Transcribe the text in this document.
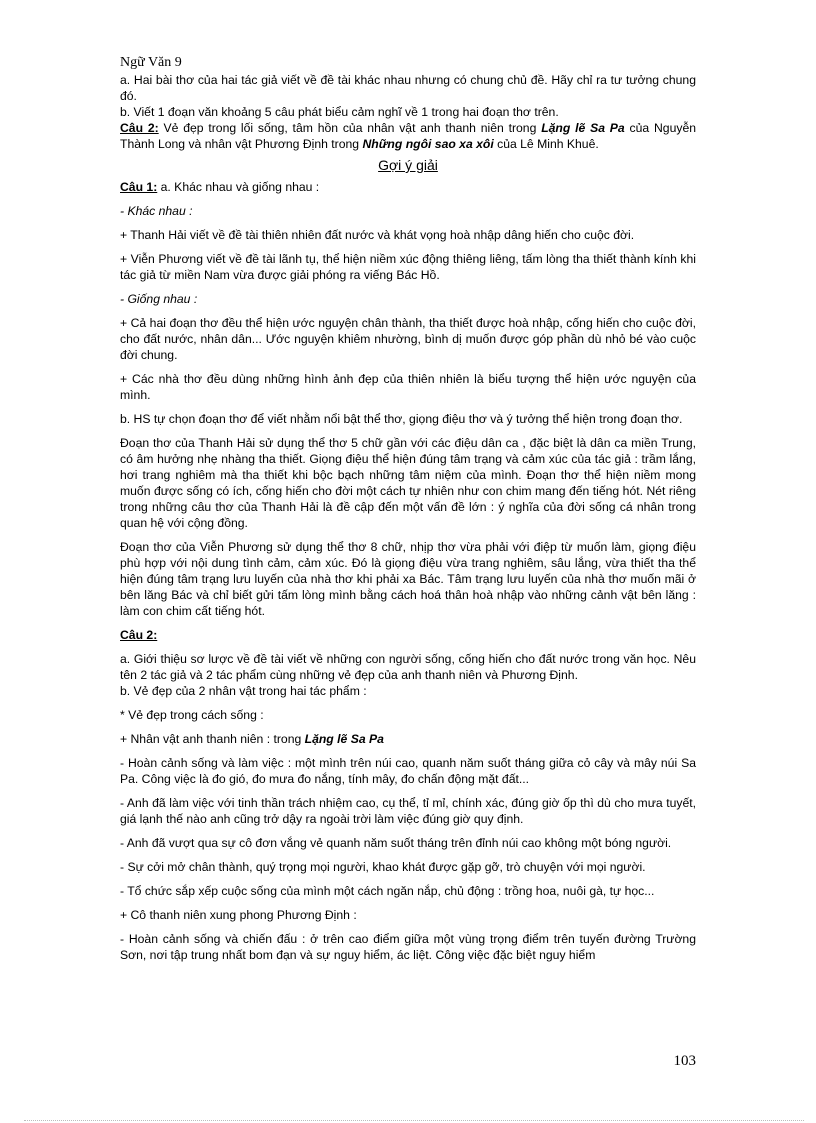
Ngữ Văn 9

a. Hai bài thơ của hai tác giả viết về đề tài khác nhau nhưng có chung chủ đề. Hãy chỉ ra tư tưởng chung đó.

b. Viết 1 đoạn văn khoảng 5 câu phát biểu cảm nghĩ về 1 trong hai đoạn thơ trên.

Câu 2: Vẻ đẹp trong lối sống, tâm hồn của nhân vật anh thanh niên trong Lặng lẽ Sa Pa của Nguyễn Thành Long và nhân vật Phương Định trong Những ngôi sao xa xôi của Lê Minh Khuê.

Gợi ý giải

Câu 1: a. Khác nhau và giống nhau :

- Khác nhau :

+ Thanh Hải viết về đề tài thiên nhiên đất nước và khát vọng hoà nhập dâng hiến cho cuộc đời.

+ Viễn Phương viết về đề tài lãnh tụ, thể hiện niềm xúc động thiêng liêng, tấm lòng tha thiết thành kính khi tác giả từ miền Nam vừa được giải phóng ra viếng Bác Hồ.

- Giống nhau :

+ Cả hai đoạn thơ đều thể hiện ước nguyện chân thành, tha thiết được hoà nhập, cống hiến cho cuộc đời, cho đất nước, nhân dân... Ước nguyện khiêm nhường, bình dị muốn được góp phần dù nhỏ bé vào cuộc đời chung.

+ Các nhà thơ đều dùng những hình ảnh đẹp của thiên nhiên là biểu tượng thể hiện ước nguyện của mình.

b. HS tự chọn đoạn thơ để viết nhằm nổi bật thể thơ, giọng điệu thơ và ý tưởng thể hiện trong đoạn thơ.

Đoạn thơ của Thanh Hải sử dụng thể thơ 5 chữ gần với các điệu dân ca , đặc biệt là dân ca miền Trung, có âm hưởng nhẹ nhàng tha thiết. Giọng điệu thể hiện đúng tâm trạng và cảm xúc của tác giả : trầm lắng, hơi trang nghiêm mà tha thiết khi bộc bạch những tâm niệm của mình. Đoạn thơ thể hiện niềm mong muốn được sống có ích, cống hiến cho đời một cách tự nhiên như con chim mang đến tiếng hót. Nét riêng trong những câu thơ của Thanh Hải là đề cập đến một vấn đề lớn : ý nghĩa của đời sống cá nhân trong quan hệ với cộng đồng.

Đoạn thơ của Viễn Phương sử dụng thể thơ 8 chữ, nhịp thơ vừa phải với điệp từ muốn làm, giọng điệu phù hợp với nội dung tình cảm, cảm xúc. Đó là giọng điệu vừa trang nghiêm, sâu lắng, vừa thiết tha thể hiện đúng tâm trạng lưu luyến của nhà thơ khi phải xa Bác. Tâm trạng lưu luyến của nhà thơ muốn mãi ở bên lăng Bác và chỉ biết gửi tấm lòng mình bằng cách hoá thân hoà nhập vào những cảnh vật bên lăng : làm con chim cất tiếng hót.

Câu 2:

a. Giới thiệu sơ lược về đề tài viết về những con người sống, cống hiến cho đất nước trong văn học. Nêu tên 2 tác giả và 2 tác phẩm cùng những vẻ đẹp của anh thanh niên và Phương Định.
b. Vẻ đẹp của 2 nhân vật trong hai tác phẩm :

* Vẻ đẹp trong cách sống :

+ Nhân vật anh thanh niên : trong Lặng lẽ Sa Pa

- Hoàn cảnh sống và làm việc : một mình trên núi cao, quanh năm suốt tháng giữa cỏ cây và mây núi Sa Pa. Công việc là đo gió, đo mưa đo nắng, tính mây, đo chấn động mặt đất...

- Anh đã làm việc với tinh thần trách nhiệm cao, cụ thể, tỉ mỉ, chính xác, đúng giờ ốp thì dù cho mưa tuyết, giá lạnh thế nào anh cũng trở dậy ra ngoài trời làm việc đúng giờ quy định.

- Anh đã vượt qua sự cô đơn vắng vẻ quanh năm suốt tháng trên đỉnh núi cao không một bóng người.

- Sự cởi mở chân thành, quý trọng mọi người, khao khát được gặp gỡ, trò chuyện với mọi người.

- Tổ chức sắp xếp cuộc sống của mình một cách ngăn nắp, chủ động : trồng hoa, nuôi gà, tự học...

+ Cô thanh niên xung phong Phương Định :

- Hoàn cảnh sống và chiến đấu : ở trên cao điểm giữa một vùng trọng điểm trên tuyến đường Trường Sơn, nơi tập trung nhất bom đạn và sự nguy hiểm, ác liệt. Công việc đặc biệt nguy hiểm

103
